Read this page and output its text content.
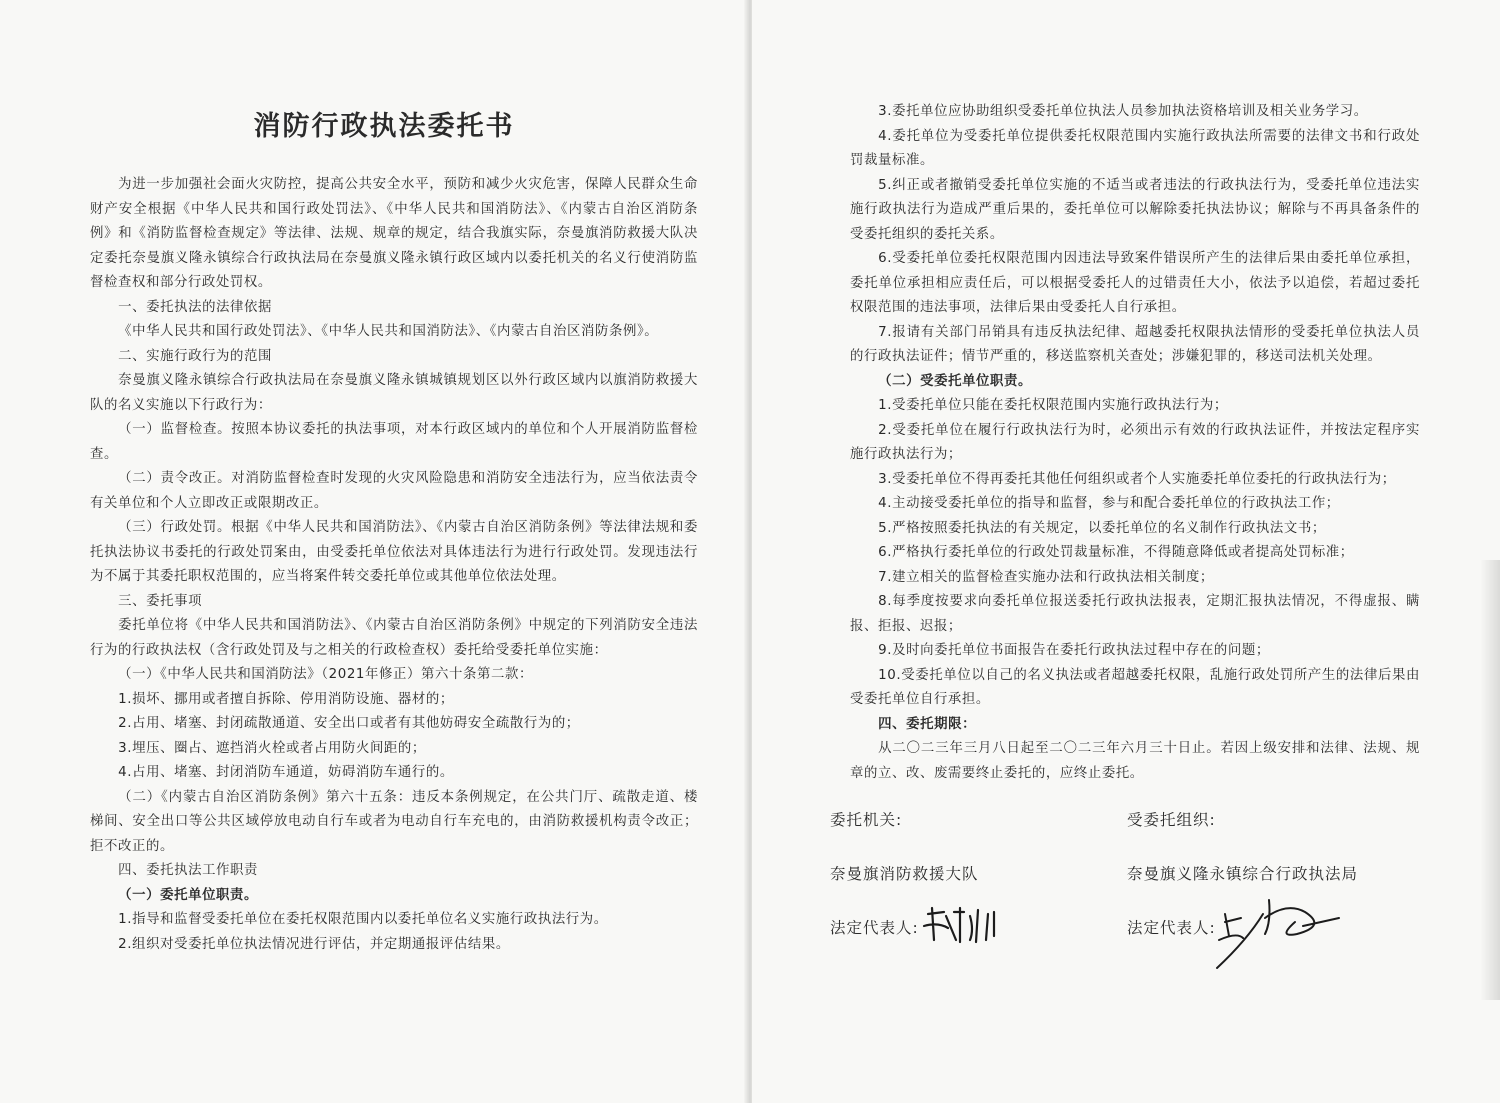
消防行政执法委托书

为进一步加强社会面火灾防控，提高公共安全水平，预防和减少火灾危害，保障人民群众生命财产安全根据《中华人民共和国行政处罚法》、《中华人民共和国消防法》、《内蒙古自治区消防条例》和《消防监督检查规定》等法律、法规、规章的规定，结合我旗实际，奈曼旗消防救援大队决定委托奈曼旗义隆永镇综合行政执法局在奈曼旗义隆永镇行政区域内以委托机关的名义行使消防监督检查权和部分行政处罚权。

一、委托执法的法律依据

《中华人民共和国行政处罚法》、《中华人民共和国消防法》、《内蒙古自治区消防条例》。

二、实施行政行为的范围

奈曼旗义隆永镇综合行政执法局在奈曼旗义隆永镇城镇规划区以外行政区域内以旗消防救援大队的名义实施以下行政行为：

（一）监督检查。按照本协议委托的执法事项，对本行政区域内的单位和个人开展消防监督检查。

（二）责令改正。对消防监督检查时发现的火灾风险隐患和消防安全违法行为，应当依法责令有关单位和个人立即改正或限期改正。

（三）行政处罚。根据《中华人民共和国消防法》、《内蒙古自治区消防条例》等法律法规和委托执法协议书委托的行政处罚案由，由受委托单位依法对具体违法行为进行行政处罚。发现违法行为不属于其委托职权范围的，应当将案件转交委托单位或其他单位依法处理。

三、委托事项

委托单位将《中华人民共和国消防法》、《内蒙古自治区消防条例》中规定的下列消防安全违法行为的行政执法权（含行政处罚及与之相关的行政检查权）委托给受委托单位实施：

（一）《中华人民共和国消防法》（2021年修正）第六十条第二款：

1.损坏、挪用或者擅自拆除、停用消防设施、器材的；

2.占用、堵塞、封闭疏散通道、安全出口或者有其他妨碍安全疏散行为的；

3.埋压、圈占、遮挡消火栓或者占用防火间距的；

4.占用、堵塞、封闭消防车通道，妨碍消防车通行的。

（二）《内蒙古自治区消防条例》第六十五条：违反本条例规定，在公共门厅、疏散走道、楼梯间、安全出口等公共区域停放电动自行车或者为电动自行车充电的，由消防救援机构责令改正；拒不改正的。

四、委托执法工作职责

（一）委托单位职责。

1.指导和监督受委托单位在委托权限范围内以委托单位名义实施行政执法行为。

2.组织对受委托单位执法情况进行评估，并定期通报评估结果。

3.委托单位应协助组织受委托单位执法人员参加执法资格培训及相关业务学习。

4.委托单位为受委托单位提供委托权限范围内实施行政执法所需要的法律文书和行政处罚裁量标准。

5.纠正或者撤销受委托单位实施的不适当或者违法的行政执法行为，受委托单位违法实施行政执法行为造成严重后果的，委托单位可以解除委托执法协议；解除与不再具备条件的受委托组织的委托关系。

6.受委托单位委托权限范围内因违法导致案件错误所产生的法律后果由委托单位承担，委托单位承担相应责任后，可以根据受委托人的过错责任大小，依法予以追偿，若超过委托权限范围的违法事项，法律后果由受委托人自行承担。

7.报请有关部门吊销具有违反执法纪律、超越委托权限执法情形的受委托单位执法人员的行政执法证件；情节严重的，移送监察机关查处；涉嫌犯罪的，移送司法机关处理。

（二）受委托单位职责。

1.受委托单位只能在委托权限范围内实施行政执法行为；

2.受委托单位在履行行政执法行为时，必须出示有效的行政执法证件，并按法定程序实施行政执法行为；

3.受委托单位不得再委托其他任何组织或者个人实施委托单位委托的行政执法行为；

4.主动接受委托单位的指导和监督，参与和配合委托单位的行政执法工作；

5.严格按照委托执法的有关规定，以委托单位的名义制作行政执法文书；

6.严格执行委托单位的行政处罚裁量标准，不得随意降低或者提高处罚标准；

7.建立相关的监督检查实施办法和行政执法相关制度；

8.每季度按要求向委托单位报送委托行政执法报表，定期汇报执法情况，不得虚报、瞒报、拒报、迟报；

9.及时向委托单位书面报告在委托行政执法过程中存在的问题；

10.受委托单位以自己的名义执法或者超越委托权限，乱施行政处罚所产生的法律后果由受委托单位自行承担。

四、委托期限：

从二〇二三年三月八日起至二〇二三年六月三十日止。若因上级安排和法律、法规、规章的立、改、废需要终止委托的，应终止委托。

委托机关:
奈曼旗消防救援大队
法定代表人:
受委托组织:
奈曼旗义隆永镇综合行政执法局
法定代表人:
